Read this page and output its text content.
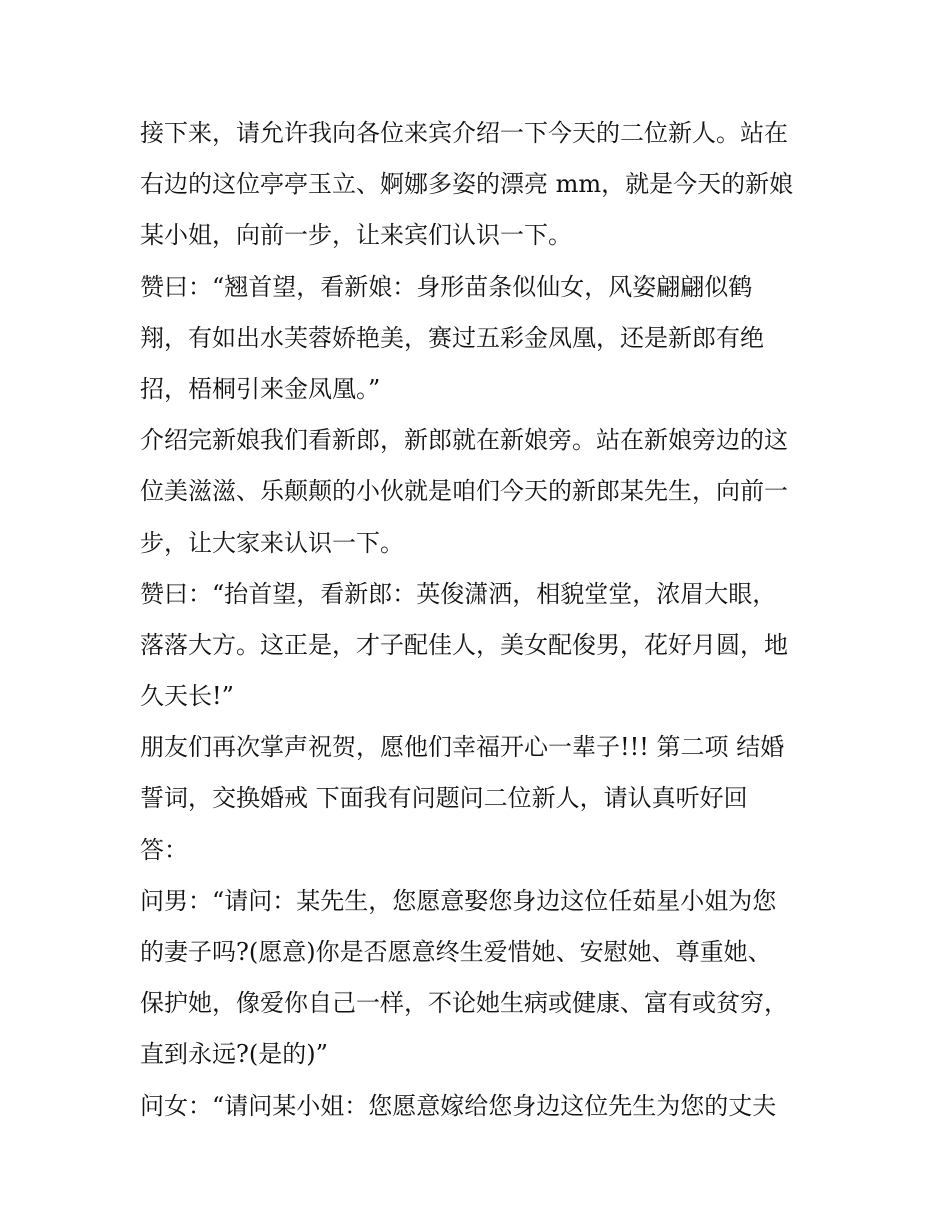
接下来，请允许我向各位来宾介绍一下今天的二位新人。站在
右边的这位亭亭玉立、婀娜多姿的漂亮 mm，就是今天的新娘
某小姐，向前一步，让来宾们认识一下。
赞曰：“翘首望，看新娘：身形苗条似仙女，风姿翩翩似鹤
翔，有如出水芙蓉娇艳美，赛过五彩金凤凰，还是新郎有绝
招，梧桐引来金凤凰。”
介绍完新娘我们看新郎，新郎就在新娘旁。站在新娘旁边的这
位美滋滋、乐颠颠的小伙就是咱们今天的新郎某先生，向前一
步，让大家来认识一下。
赞曰：“抬首望，看新郎：英俊潇洒，相貌堂堂，浓眉大眼，
落落大方。这正是，才子配佳人，美女配俊男，花好月圆，地
久天长!”
朋友们再次掌声祝贺，愿他们幸福开心一辈子!!! 第二项 结婚
誓词，交换婚戒 下面我有问题问二位新人，请认真听好回
答：
问男：“请问：某先生，您愿意娶您身边这位任茹星小姐为您
的妻子吗?(愿意)你是否愿意终生爱惜她、安慰她、尊重她、
保护她，像爱你自己一样，不论她生病或健康、富有或贫穷，
直到永远?(是的)”
问女：“请问某小姐：您愿意嫁给您身边这位先生为您的丈夫
